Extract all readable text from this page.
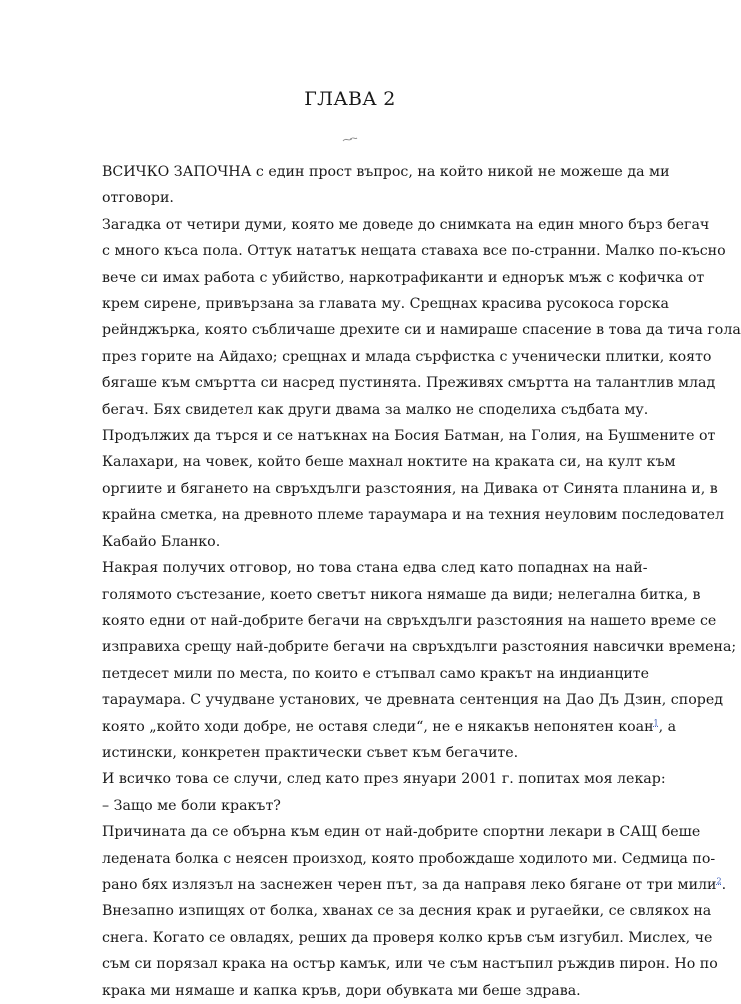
ГЛАВА 2
ВСИЧКО ЗАПОЧНА с един прост въпрос, на който никой не можеше да ми
отговори.
Загадка от четири думи, която ме доведе до снимката на един много бърз бегач
с много къса пола. Оттук нататък нещата ставаха все по-странни. Малко по-късно
вече си имах работа с убийство, наркотрафиканти и еднорък мъж с кофичка от
крем сирене, привързана за главата му. Срещнах красива русокоса горска
рейнджърка, която събличаше дрехите си и намираше спасение в това да тича гола
през горите на Айдахо; срещнах и млада сърфистка с ученически плитки, която
бягаше към смъртта си насред пустинята. Преживях смъртта на талантлив млад
бегач. Бях свидетел как други двама за малко не споделиха съдбата му.
Продължих да търся и се натъкнах на Босия Батман, на Голия, на Бушмените от
Калахари, на човек, който беше махнал ноктите на краката си, на култ към
оргиите и бягането на свръхдълги разстояния, на Дивака от Синята планина и, в
крайна сметка, на древното племе тараумара и на техния неуловим последовател
Кабайо Бланко.
Накрая получих отговор, но това стана едва след като попаднах на най-
голямото състезание, което светът никога нямаше да види; нелегална битка, в
която едни от най-добрите бегачи на свръхдълги разстояния на нашето време се
изправиха срещу най-добрите бегачи на свръхдълги разстояния навсички времена;
петдесет мили по места, по които е стъпвал само кракът на индианците
тараумара. С учудване установих, че древната сентенция на Дао Дъ Дзин, според
която „който ходи добре, не оставя следи“, не е някакъв непонятен коан$^1$, а
истински, конкретен практически съвет към бегачите.
И всичко това се случи, след като през януари 2001 г. попитах моя лекар:
– Защо ме боли кракът?
Причината да се обърна към един от най-добрите спортни лекари в САЩ беше
ледената болка с неясен произход, която пробождаше ходилото ми. Седмица по-
рано бях излязъл на заснежен черен път, за да направя леко бягане от три мили$^2$.
Внезапно изпищях от болка, хванах се за десния крак и ругаейки, се свлякох на
снега. Когато се овладях, реших да проверя колко кръв съм изгубил. Мислех, че
съм си порязал крака на остър камък, или че съм настъпил ръждив пирон. Но по
крака ми нямаше и капка кръв, дори обувката ми беше здрава.
